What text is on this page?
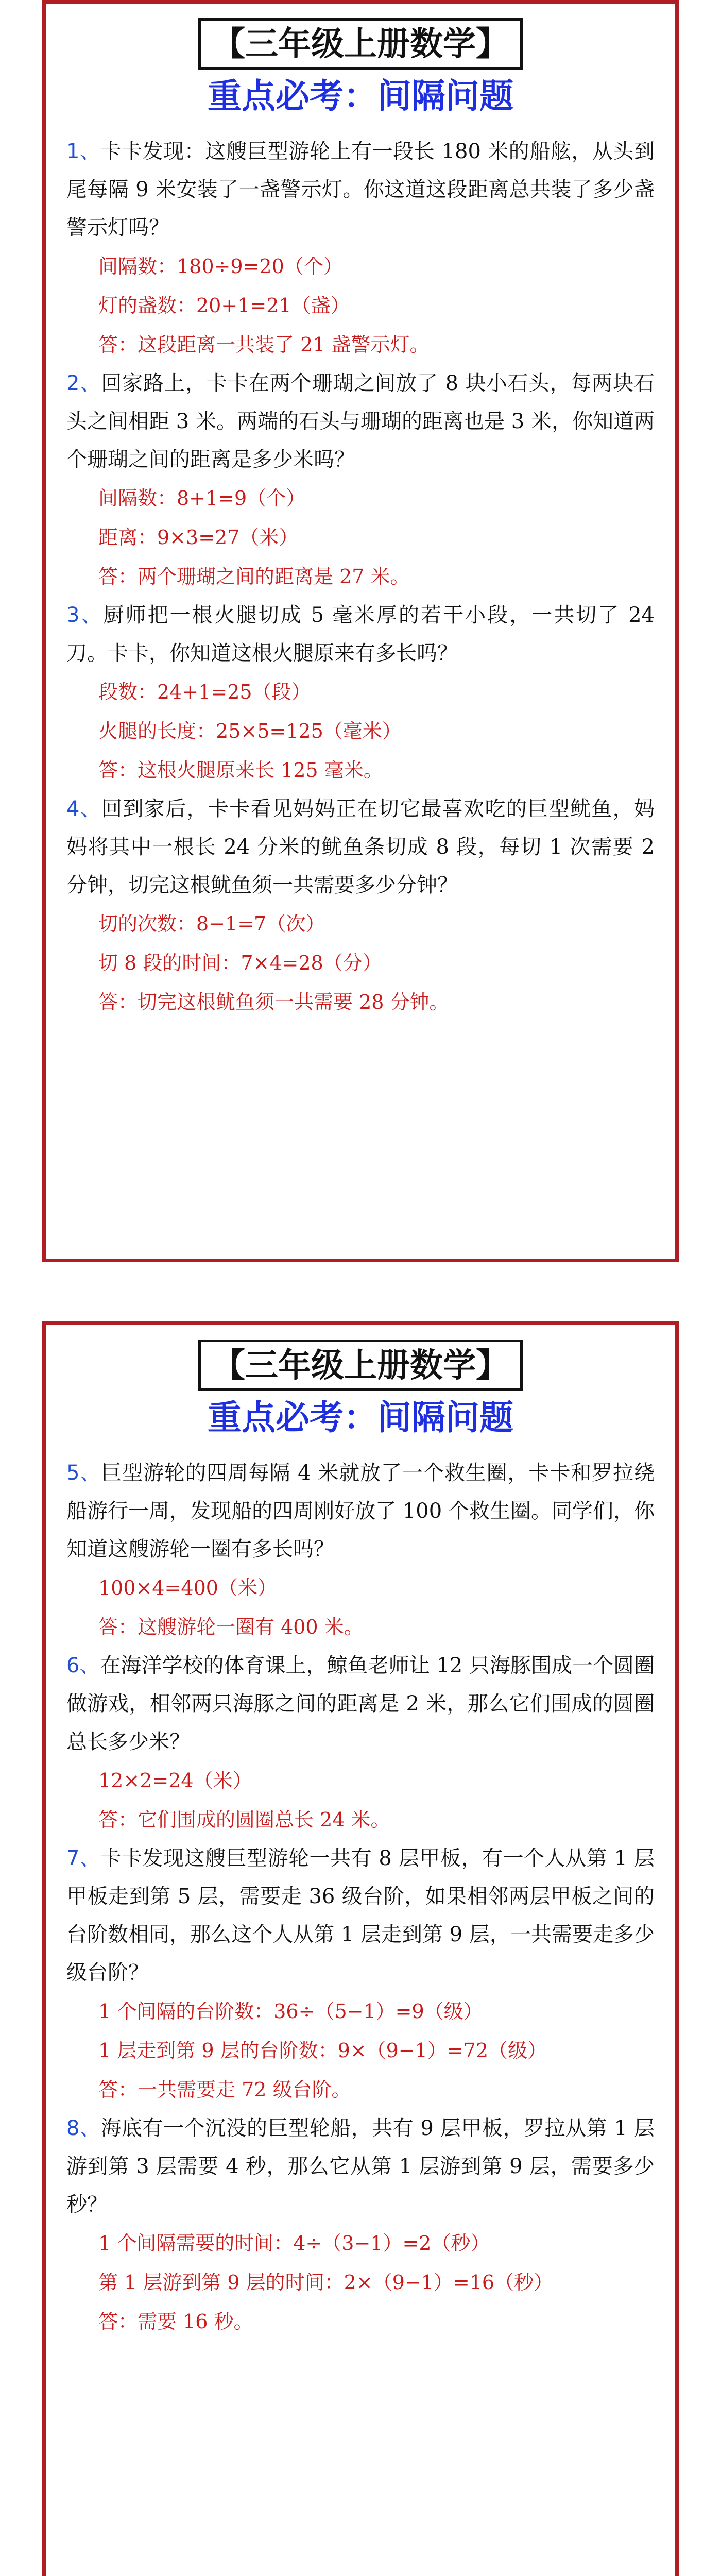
【三年级上册数学】
重点必考：间隔问题
1、卡卡发现：这艘巨型游轮上有一段长 180 米的船舷，从头到尾每隔 9 米安装了一盏警示灯。你这道这段距离总共装了多少盏警示灯吗？
间隔数：180÷9=20（个）
灯的盏数：20+1=21（盏）
答：这段距离一共装了 21 盏警示灯。
2、回家路上，卡卡在两个珊瑚之间放了 8 块小石头，每两块石头之间相距 3 米。两端的石头与珊瑚的距离也是 3 米，你知道两个珊瑚之间的距离是多少米吗？
间隔数：8+1=9（个）
距离：9×3=27（米）
答：两个珊瑚之间的距离是 27 米。
3、厨师把一根火腿切成 5 毫米厚的若干小段，一共切了 24 刀。卡卡，你知道这根火腿原来有多长吗？
段数：24+1=25（段）
火腿的长度：25×5=125（毫米）
答：这根火腿原来长 125 毫米。
4、回到家后，卡卡看见妈妈正在切它最喜欢吃的巨型鱿鱼，妈妈将其中一根长 24 分米的鱿鱼条切成 8 段，每切 1 次需要 2 分钟，切完这根鱿鱼须一共需要多少分钟？
切的次数：8−1=7（次）
切 8 段的时间：7×4=28（分）
答：切完这根鱿鱼须一共需要 28 分钟。
【三年级上册数学】
重点必考：间隔问题
5、巨型游轮的四周每隔 4 米就放了一个救生圈，卡卡和罗拉绕船游行一周，发现船的四周刚好放了 100 个救生圈。同学们，你知道这艘游轮一圈有多长吗？
100×4=400（米）
答：这艘游轮一圈有 400 米。
6、在海洋学校的体育课上，鲸鱼老师让 12 只海豚围成一个圆圈做游戏，相邻两只海豚之间的距离是 2 米，那么它们围成的圆圈总长多少米？
12×2=24（米）
答：它们围成的圆圈总长 24 米。
7、卡卡发现这艘巨型游轮一共有 8 层甲板，有一个人从第 1 层甲板走到第 5 层，需要走 36 级台阶，如果相邻两层甲板之间的台阶数相同，那么这个人从第 1 层走到第 9 层，一共需要走多少级台阶？
1 个间隔的台阶数：36÷（5−1）=9（级）
1 层走到第 9 层的台阶数：9×（9−1）=72（级）
答：一共需要走 72 级台阶。
8、海底有一个沉没的巨型轮船，共有 9 层甲板，罗拉从第 1 层游到第 3 层需要 4 秒，那么它从第 1 层游到第 9 层，需要多少秒？
1 个间隔需要的时间：4÷（3−1）=2（秒）
第 1 层游到第 9 层的时间：2×（9−1）=16（秒）
答：需要 16 秒。
